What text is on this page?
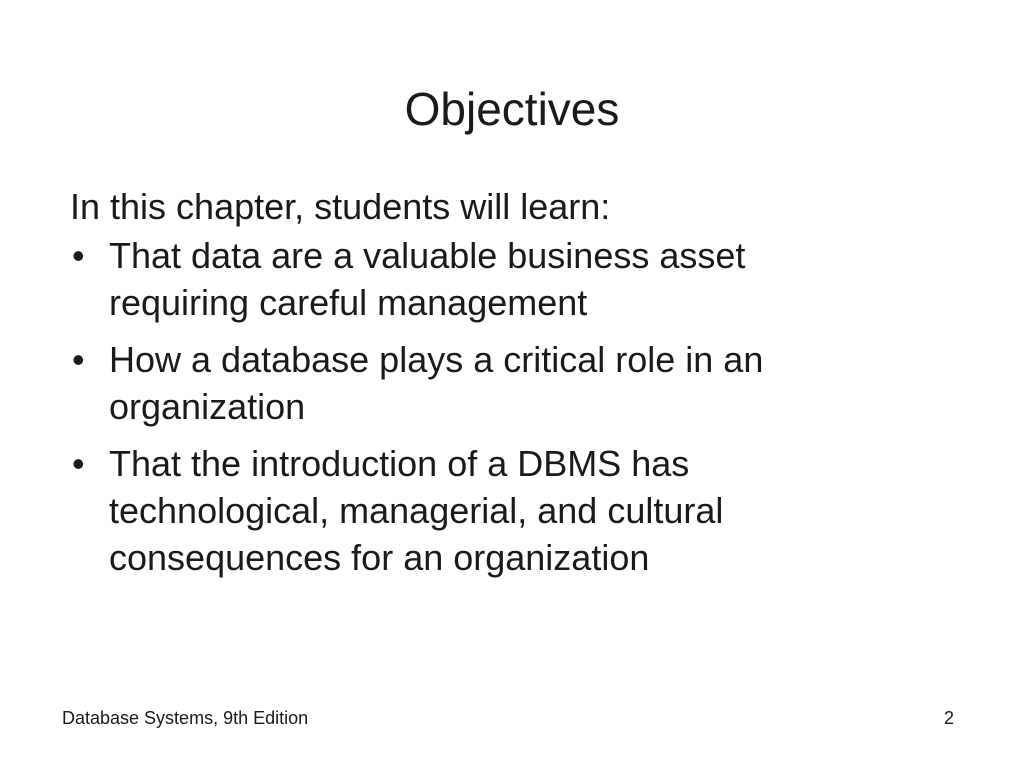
Objectives

In this chapter, students will learn:

• That data are a valuable business asset requiring careful management
• How a database plays a critical role in an organization
• That the introduction of a DBMS has technological, managerial, and cultural consequences for an organization
Database Systems, 9th Edition	2
